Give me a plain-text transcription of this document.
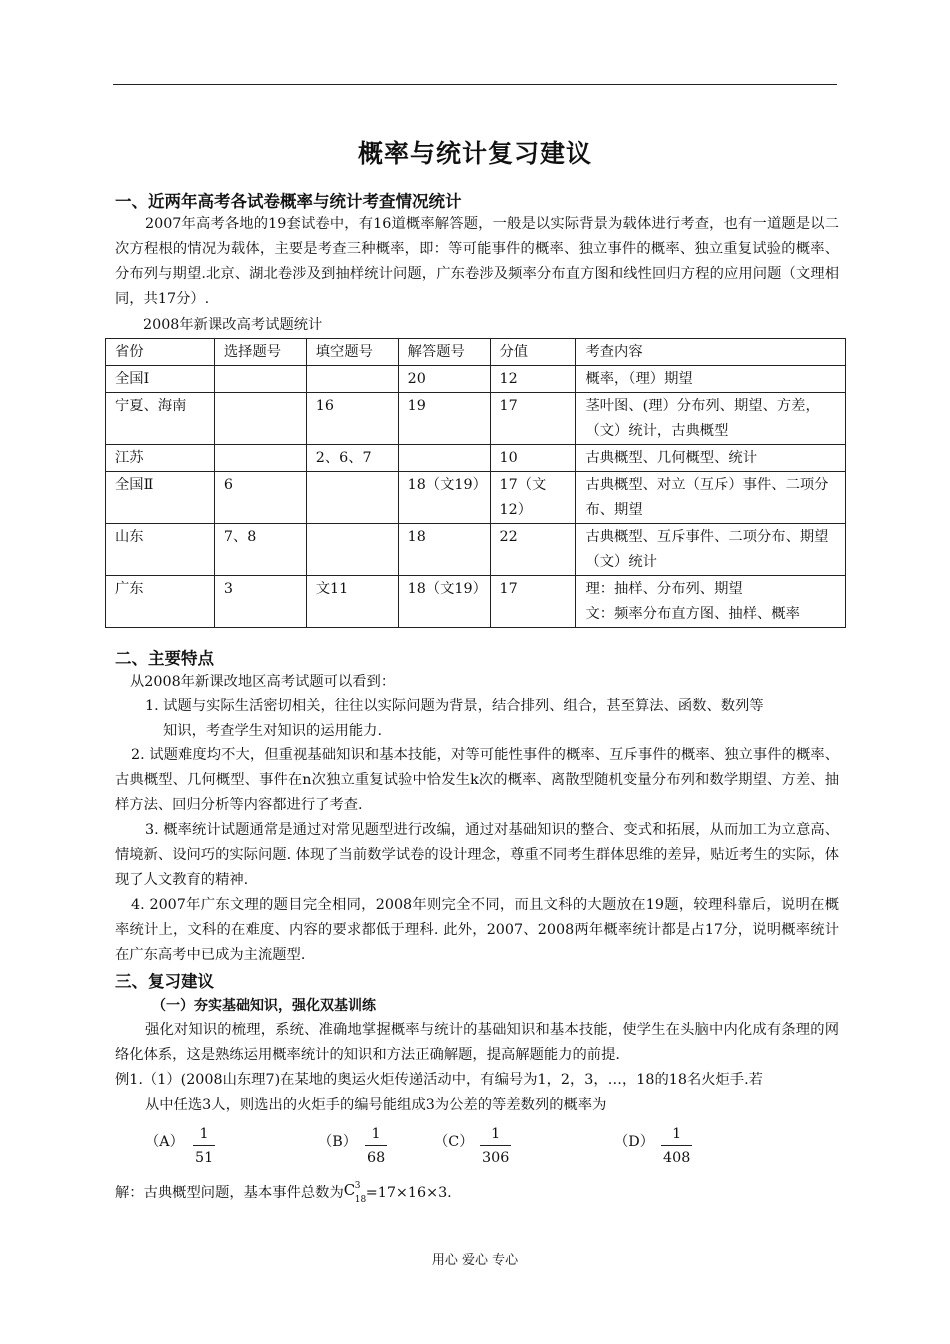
概率与统计复习建议
一、近两年高考各试卷概率与统计考查情况统计
2007年高考各地的19套试卷中，有16道概率解答题，一般是以实际背景为载体进行考查，也有一道题是以二次方程根的情况为载体，主要是考查三种概率，即：等可能事件的概率、独立事件的概率、独立重复试验的概率、分布列与期望.北京、湖北卷涉及到抽样统计问题，广东卷涉及频率分布直方图和线性回归方程的应用问题（文理相同，共17分）.
2008年新课改高考试题统计
省份	选择题号	填空题号	解答题号	分值	考查内容
全国Ⅰ			20	12	概率，（理）期望
宁夏、海南		16	19	17	茎叶图、(理）分布列、期望、方差，（文）统计，古典概型
江苏		2、6、7		10	古典概型、几何概型、统计
全国Ⅱ	6		18（文19）	17（文12）	古典概型、对立（互斥）事件、二项分布、期望
山东	7、8		18	22	古典概型、互斥事件、二项分布、期望（文）统计
广东	3	文11	18（文19）	17	理：抽样、分布列、期望
文：频率分布直方图、抽样、概率
二、主要特点
从2008年新课改地区高考试题可以看到：
1. 试题与实际生活密切相关，往往以实际问题为背景，结合排列、组合，甚至算法、函数、数列等
知识，考查学生对知识的运用能力.
2. 试题难度均不大，但重视基础知识和基本技能，对等可能性事件的概率、互斥事件的概率、独立事件的概率、古典概型、几何概型、事件在n次独立重复试验中恰发生k次的概率、离散型随机变量分布列和数学期望、方差、抽样方法、回归分析等内容都进行了考查.
3. 概率统计试题通常是通过对常见题型进行改编，通过对基础知识的整合、变式和拓展，从而加工为立意高、情境新、设问巧的实际问题. 体现了当前数学试卷的设计理念，尊重不同考生群体思维的差异，贴近考生的实际，体现了人文教育的精神.
4. 2007年广东文理的题目完全相同，2008年则完全不同，而且文科的大题放在19题，较理科靠后，说明在概率统计上，文科的在难度、内容的要求都低于理科. 此外，2007、2008两年概率统计都是占17分，说明概率统计在广东高考中已成为主流题型.
三、复习建议
（一）夯实基础知识，强化双基训练
强化对知识的梳理，系统、准确地掌握概率与统计的基础知识和基本技能，使学生在头脑中内化成有条理的网络化体系，这是熟练运用概率统计的知识和方法正确解题，提高解题能力的前提.
例1.（1）(2008山东理7)在某地的奥运火炬传递活动中，有编号为1，2，3，…，18的18名火炬手.若
从中任选3人，则选出的火炬手的编号能组成3为公差的等差数列的概率为
（A）	1
51
（B）	1
68
（C）	1
306
（D）	1
408
解：古典概型问题，基本事件总数为 C 3
18 =17×16×3.
用心 爱心 专心
